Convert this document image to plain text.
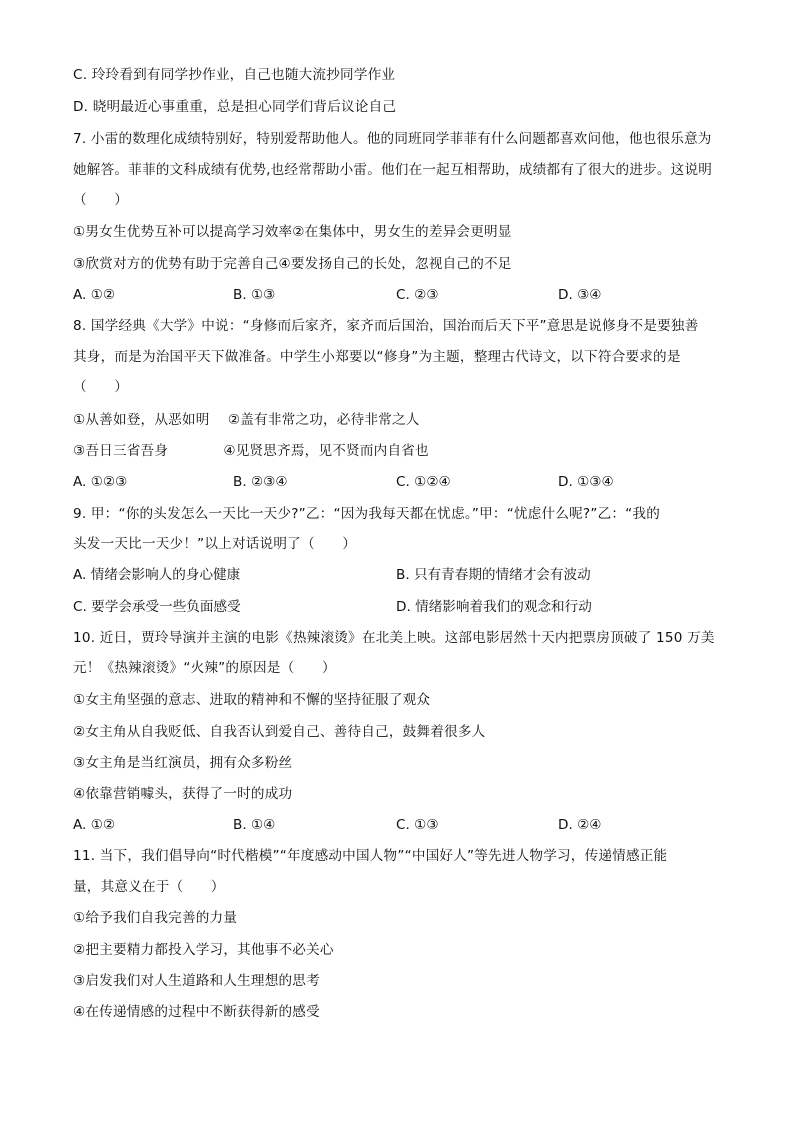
C. 玲玲看到有同学抄作业，自己也随大流抄同学作业
D. 晓明最近心事重重，总是担心同学们背后议论自己
7. 小雷的数理化成绩特别好，特别爱帮助他人。他的同班同学菲菲有什么问题都喜欢问他，他也很乐意为
她解答。菲菲的文科成绩有优势,也经常帮助小雷。他们在一起互相帮助，成绩都有了很大的进步。这说明
（　　）
①男女生优势互补可以提高学习效率②在集体中，男女生的差异会更明显
③欣赏对方的优势有助于完善自己④要发扬自己的长处，忽视自己的不足
A. ①②	B. ①③	C. ②③	D. ③④
8. 国学经典《大学》中说：“身修而后家齐，家齐而后国治，国治而后天下平”意思是说修身不是要独善
其身，而是为治国平天下做准备。中学生小郑要以“修身”为主题，整理古代诗文，以下符合要求的是
（　　）
①从善如登，从恶如明　 ②盖有非常之功，必待非常之人
③吾日三省吾身　　　　④见贤思齐焉，见不贤而内自省也
A. ①②③	B. ②③④	C. ①②④	D. ①③④
9. 甲：“你的头发怎么一天比一天少?”乙：“因为我每天都在忧虑。”甲：“忧虑什么呢?”乙：“我的
头发一天比一天少！”以上对话说明了（　　）
A. 情绪会影响人的身心健康	B. 只有青春期的情绪才会有波动
C. 要学会承受一些负面感受	D. 情绪影响着我们的观念和行动
10. 近日，贾玲导演并主演的电影《热辣滚烫》在北美上映。这部电影居然十天内把票房顶破了 150 万美
元！《热辣滚烫》“火辣”的原因是（　　）
①女主角坚强的意志、进取的精神和不懈的坚持征服了观众
②女主角从自我贬低、自我否认到爱自己、善待自己，鼓舞着很多人
③女主角是当红演员，拥有众多粉丝
④依靠营销噱头，获得了一时的成功
A. ①②	B. ①④	C. ①③	D. ②④
11. 当下，我们倡导向“时代楷模”“年度感动中国人物”“中国好人”等先进人物学习，传递情感正能
量，其意义在于（　　）
①给予我们自我完善的力量
②把主要精力都投入学习，其他事不必关心
③启发我们对人生道路和人生理想的思考
④在传递情感的过程中不断获得新的感受
